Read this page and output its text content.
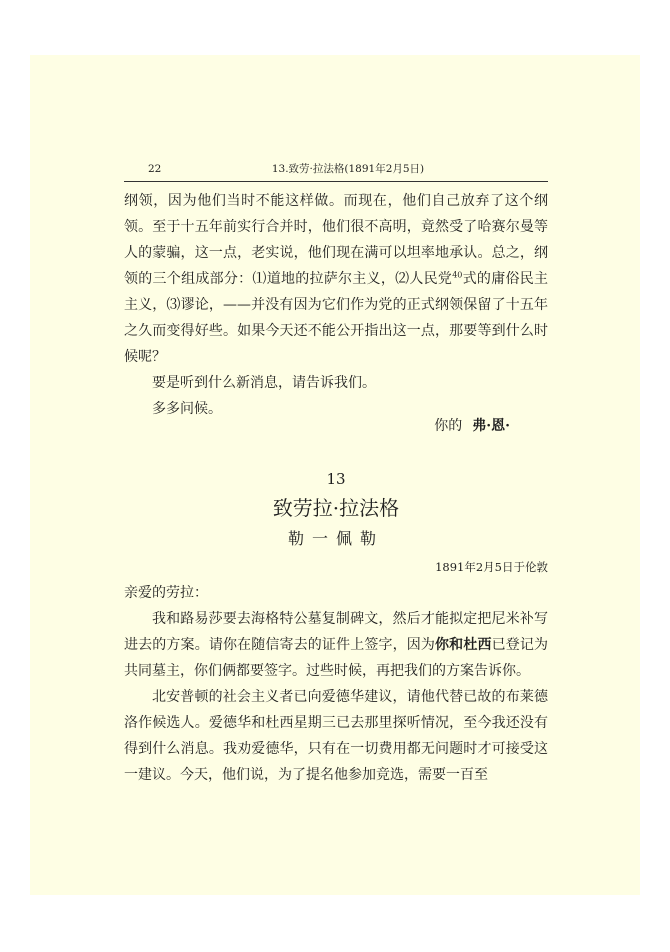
22	13.致劳·拉法格(1891年2月5日)

纲领，因为他们当时不能这样做。而现在，他们自己放弃了这个纲领。至于十五年前实行合并时，他们很不高明，竟然受了哈赛尔曼等人的蒙骗，这一点，老实说，他们现在满可以坦率地承认。总之，纲领的三个组成部分：⑴道地的拉萨尔主义，⑵人民党$^{40}$式的庸俗民主主义，⑶谬论，——并没有因为它们作为党的正式纲领保留了十五年之久而变得好些。如果今天还不能公开指出这一点，那要等到什么时候呢？

要是听到什么新消息，请告诉我们。

多多问候。

你的 弗·恩·
13
致劳拉·拉法格
勒一佩勒
1891年2月5日于伦敦

亲爱的劳拉：

我和路易莎要去海格特公墓复制碑文，然后才能拟定把尼米补写进去的方案。请你在随信寄去的证件上签字，因为你和杜西已登记为共同墓主，你们俩都要签字。过些时候，再把我们的方案告诉你。

北安普顿的社会主义者已向爱德华建议，请他代替已故的布莱德洛作候选人。爱德华和杜西星期三已去那里探听情况，至今我还没有得到什么消息。我劝爱德华，只有在一切费用都无问题时才可接受这一建议。今天，他们说，为了提名他参加竞选，需要一百至
